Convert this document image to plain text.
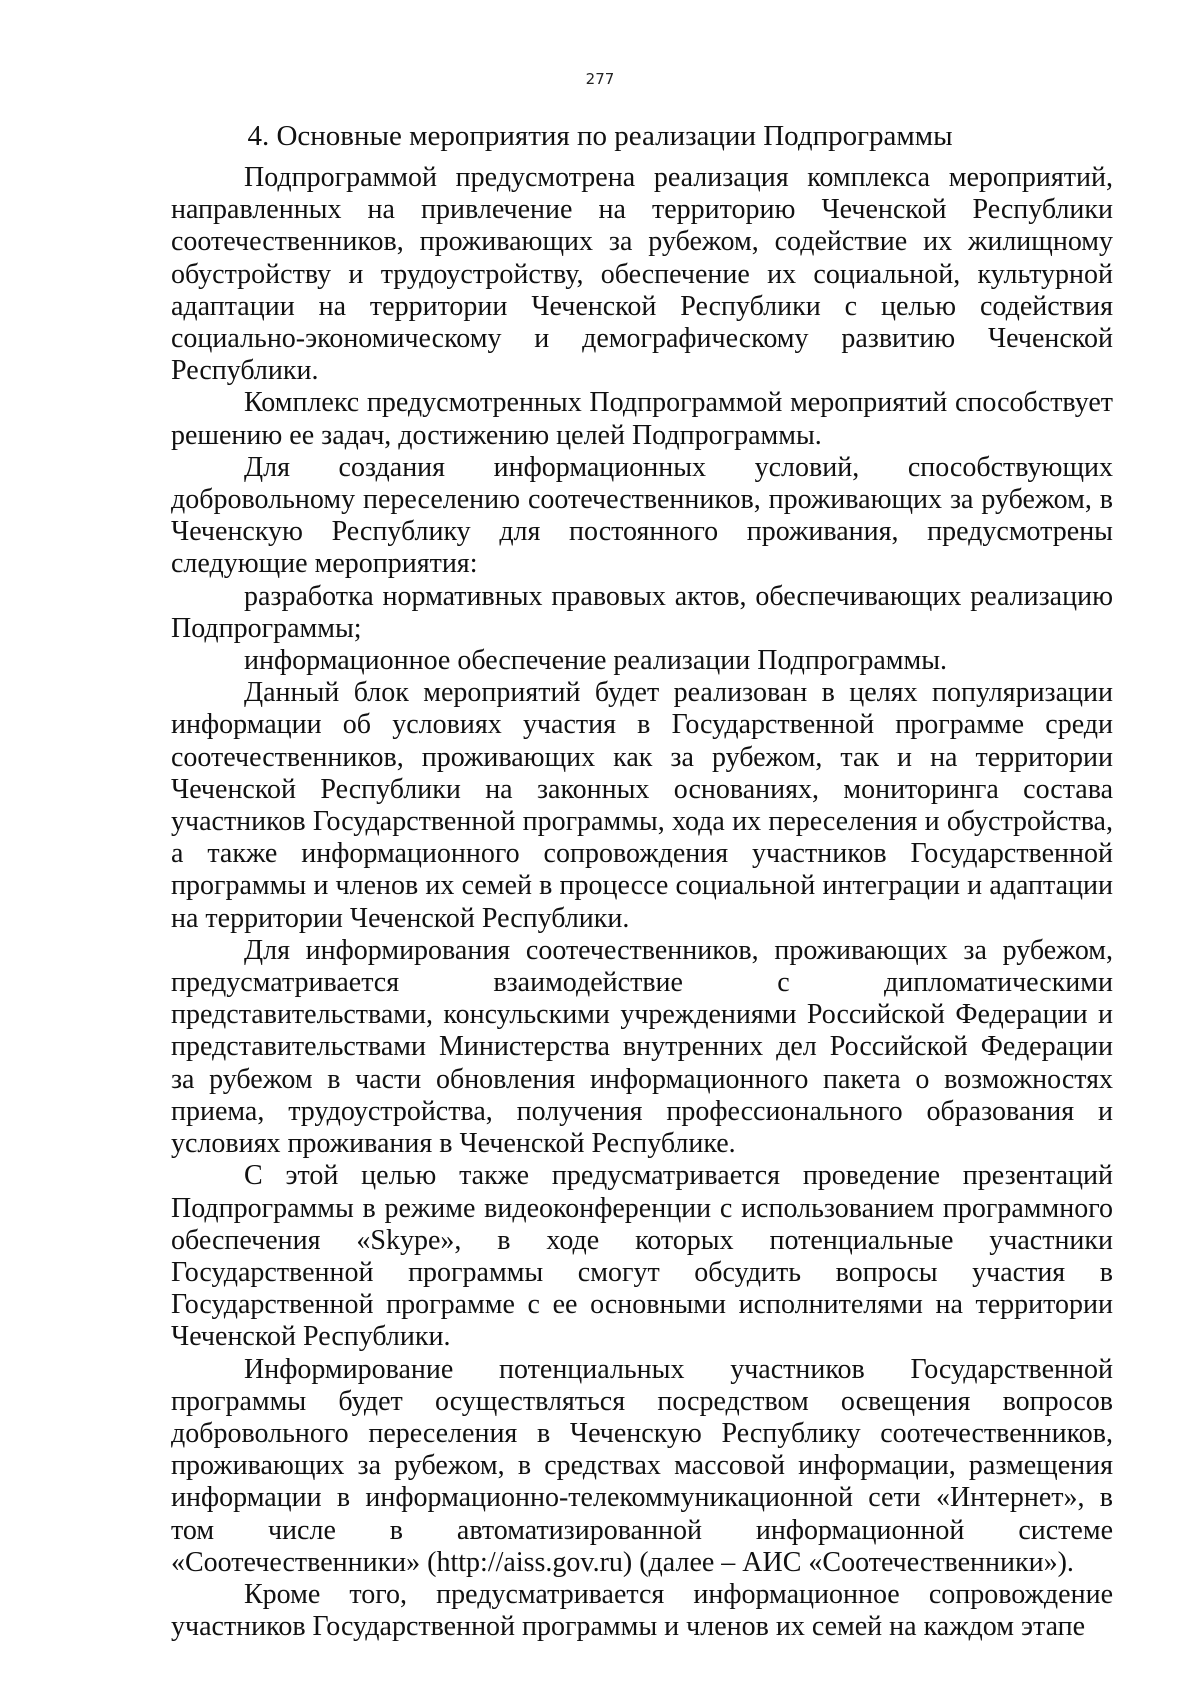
277
4. Основные мероприятия по реализации Подпрограммы

Подпрограммой предусмотрена реализация комплекса мероприятий, направленных на привлечение на территорию Чеченской Республики соотечественников, проживающих за рубежом, содействие их жилищному обустройству и трудоустройству, обеспечение их социальной, культурной адаптации на территории Чеченской Республики с целью содействия социально-экономическому и демографическому развитию Чеченской Республики.

Комплекс предусмотренных Подпрограммой мероприятий способствует решению ее задач, достижению целей Подпрограммы.

Для создания информационных условий, способствующих добровольному переселению соотечественников, проживающих за рубежом, в Чеченскую Республику для постоянного проживания, предусмотрены следующие мероприятия:

разработка нормативных правовых актов, обеспечивающих реализацию Подпрограммы;

информационное обеспечение реализации Подпрограммы.

Данный блок мероприятий будет реализован в целях популяризации информации об условиях участия в Государственной программе среди соотечественников, проживающих как за рубежом, так и на территории Чеченской Республики на законных основаниях, мониторинга состава участников Государственной программы, хода их переселения и обустройства, а также информационного сопровождения участников Государственной программы и членов их семей в процессе социальной интеграции и адаптации на территории Чеченской Республики.

Для информирования соотечественников, проживающих за рубежом, предусматривается взаимодействие с дипломатическими представительствами, консульскими учреждениями Российской Федерации и представительствами Министерства внутренних дел Российской Федерации за рубежом в части обновления информационного пакета о возможностях приема, трудоустройства, получения профессионального образования и условиях проживания в Чеченской Республике.

С этой целью также предусматривается проведение презентаций Подпрограммы в режиме видеоконференции с использованием программного обеспечения «Skype», в ходе которых потенциальные участники Государственной программы смогут обсудить вопросы участия в Государственной программе с ее основными исполнителями на территории Чеченской Республики.

Информирование потенциальных участников Государственной программы будет осуществляться посредством освещения вопросов добровольного переселения в Чеченскую Республику соотечественников, проживающих за рубежом, в средствах массовой информации, размещения информации в информационно-телекоммуникационной сети «Интернет», в том числе в автоматизированной информационной системе «Соотечественники» (http://aiss.gov.ru) (далее – АИС «Соотечественники»).

Кроме того, предусматривается информационное сопровождение участников Государственной программы и членов их семей на каждом этапе
